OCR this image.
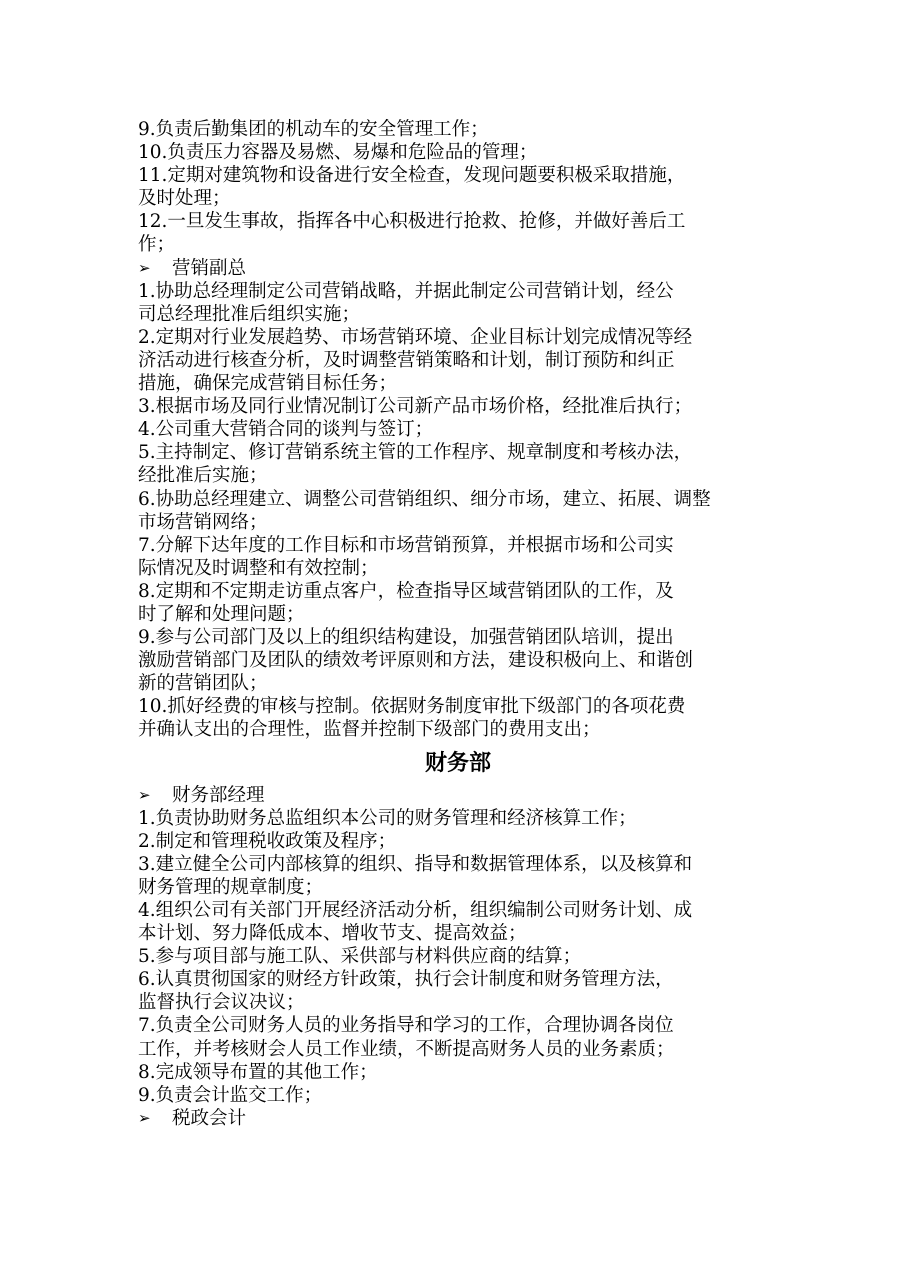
9.负责后勤集团的机动车的安全管理工作；
10.负责压力容器及易燃、易爆和危险品的管理；
11.定期对建筑物和设备进行安全检查，发现问题要积极采取措施，
及时处理；
12.一旦发生事故，指挥各中心积极进行抢救、抢修，并做好善后工
作；
➢	营销副总
1.协助总经理制定公司营销战略，并据此制定公司营销计划，经公
司总经理批准后组织实施；
2.定期对行业发展趋势、市场营销环境、企业目标计划完成情况等经
济活动进行核查分析，及时调整营销策略和计划，制订预防和纠正
措施，确保完成营销目标任务；
3.根据市场及同行业情况制订公司新产品市场价格，经批准后执行；
4.公司重大营销合同的谈判与签订；
5.主持制定、修订营销系统主管的工作程序、规章制度和考核办法，
经批准后实施；
6.协助总经理建立、调整公司营销组织、细分市场，建立、拓展、调整
市场营销网络；
7.分解下达年度的工作目标和市场营销预算，并根据市场和公司实
际情况及时调整和有效控制；
8.定期和不定期走访重点客户，检查指导区域营销团队的工作，及
时了解和处理问题；
9.参与公司部门及以上的组织结构建设，加强营销团队培训，提出
激励营销部门及团队的绩效考评原则和方法，建设积极向上、和谐创
新的营销团队；
10.抓好经费的审核与控制。依据财务制度审批下级部门的各项花费
并确认支出的合理性，监督并控制下级部门的费用支出；
财务部
➢	财务部经理
1.负责协助财务总监组织本公司的财务管理和经济核算工作；
2.制定和管理税收政策及程序；
3.建立健全公司内部核算的组织、指导和数据管理体系，以及核算和
财务管理的规章制度；
4.组织公司有关部门开展经济活动分析，组织编制公司财务计划、成
本计划、努力降低成本、增收节支、提高效益；
5.参与项目部与施工队、采供部与材料供应商的结算；
6.认真贯彻国家的财经方针政策，执行会计制度和财务管理方法，
监督执行会议决议；
7.负责全公司财务人员的业务指导和学习的工作，合理协调各岗位
工作，并考核财会人员工作业绩，不断提高财务人员的业务素质；
8.完成领导布置的其他工作；
9.负责会计监交工作；
➢	税政会计
